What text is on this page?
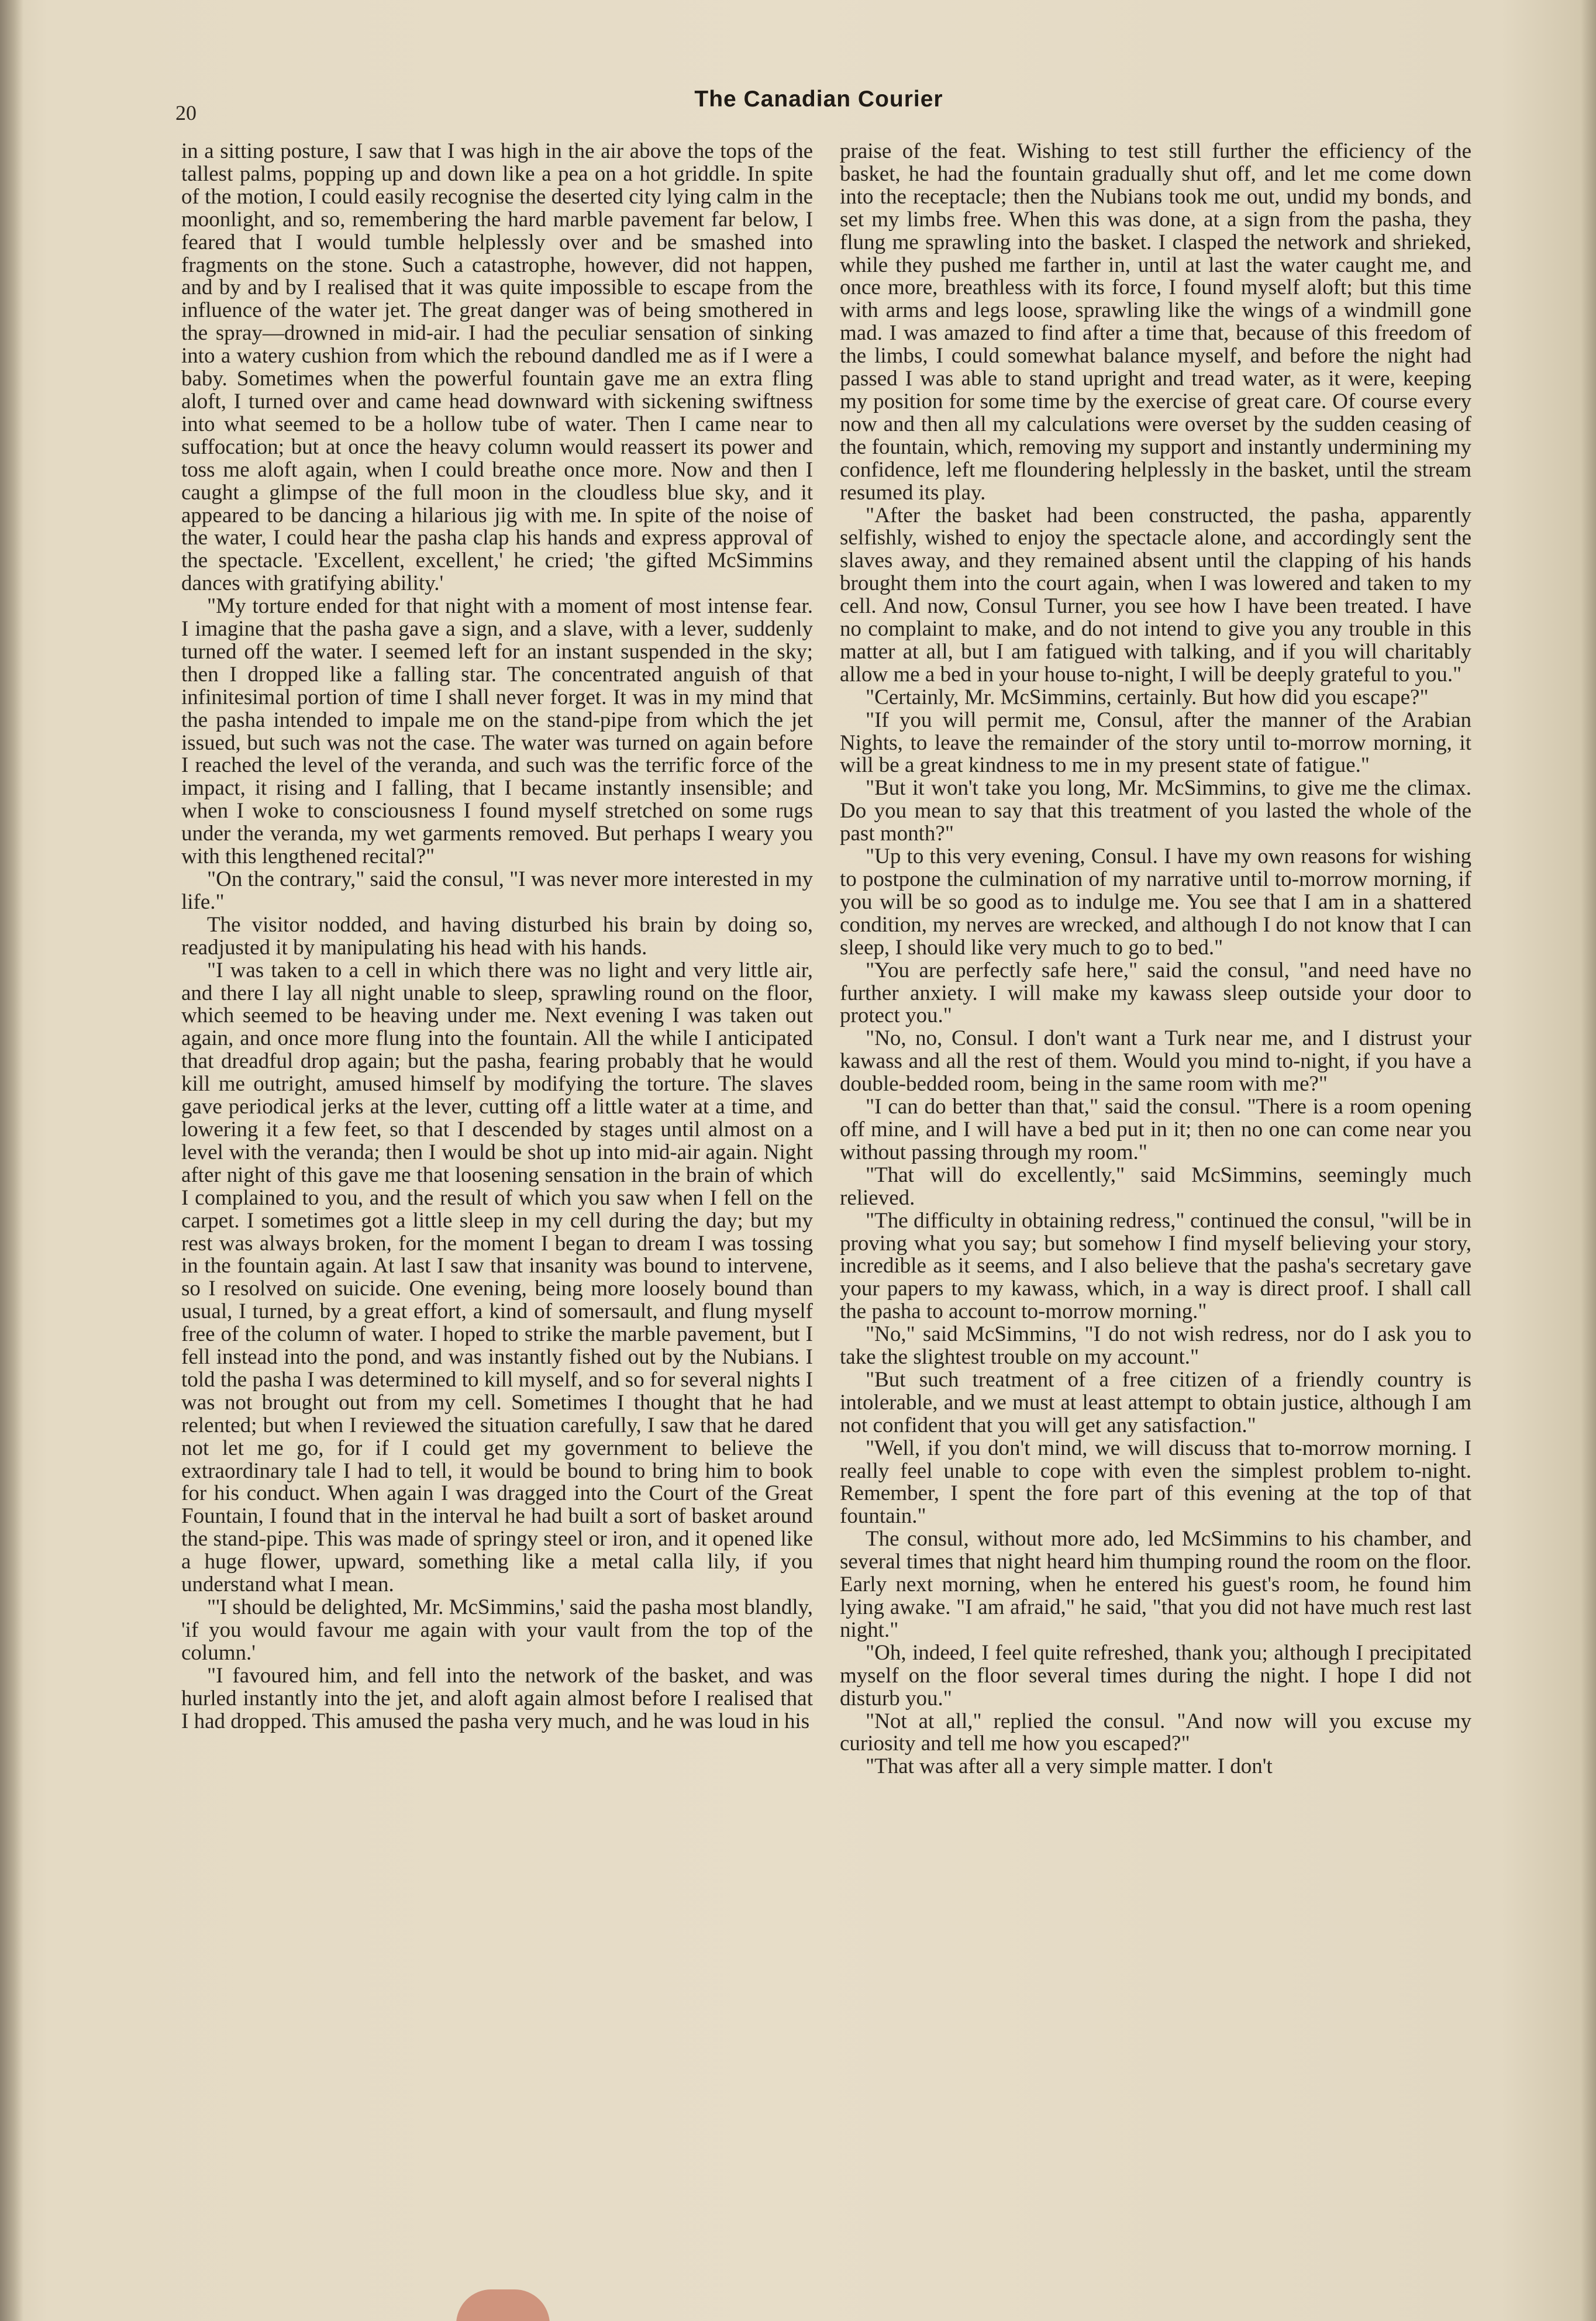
20
The Canadian Courier

in a sitting posture, I saw that I was high in the air above the tops of the tallest palms, popping up and down like a pea on a hot griddle. In spite of the motion, I could easily recognise the deserted city lying calm in the moonlight, and so, remembering the hard marble pavement far below, I feared that I would tumble helplessly over and be smashed into fragments on the stone. Such a catastrophe, however, did not happen, and by and by I realised that it was quite impossible to escape from the influence of the water jet. The great danger was of being smothered in the spray—drowned in mid-air. I had the peculiar sensation of sinking into a watery cushion from which the rebound dandled me as if I were a baby. Sometimes when the powerful fountain gave me an extra fling aloft, I turned over and came head downward with sickening swiftness into what seemed to be a hollow tube of water. Then I came near to suffocation; but at once the heavy column would reassert its power and toss me aloft again, when I could breathe once more. Now and then I caught a glimpse of the full moon in the cloudless blue sky, and it appeared to be dancing a hilarious jig with me. In spite of the noise of the water, I could hear the pasha clap his hands and express approval of the spectacle. 'Excellent, excellent,' he cried; 'the gifted McSimmins dances with gratifying ability.'

"My torture ended for that night with a moment of most intense fear. I imagine that the pasha gave a sign, and a slave, with a lever, suddenly turned off the water. I seemed left for an instant suspended in the sky; then I dropped like a falling star. The concentrated anguish of that infinitesimal portion of time I shall never forget. It was in my mind that the pasha intended to impale me on the stand-pipe from which the jet issued, but such was not the case. The water was turned on again before I reached the level of the veranda, and such was the terrific force of the impact, it rising and I falling, that I became instantly insensible; and when I woke to consciousness I found myself stretched on some rugs under the veranda, my wet garments removed. But perhaps I weary you with this lengthened recital?"

"On the contrary," said the consul, "I was never more interested in my life."

The visitor nodded, and having disturbed his brain by doing so, readjusted it by manipulating his head with his hands.

"I was taken to a cell in which there was no light and very little air, and there I lay all night unable to sleep, sprawling round on the floor, which seemed to be heaving under me. Next evening I was taken out again, and once more flung into the fountain. All the while I anticipated that dreadful drop again; but the pasha, fearing probably that he would kill me outright, amused himself by modifying the torture. The slaves gave periodical jerks at the lever, cutting off a little water at a time, and lowering it a few feet, so that I descended by stages until almost on a level with the veranda; then I would be shot up into mid-air again. Night after night of this gave me that loosening sensation in the brain of which I complained to you, and the result of which you saw when I fell on the carpet. I sometimes got a little sleep in my cell during the day; but my rest was always broken, for the moment I began to dream I was tossing in the fountain again. At last I saw that insanity was bound to intervene, so I resolved on suicide. One evening, being more loosely bound than usual, I turned, by a great effort, a kind of somersault, and flung myself free of the column of water. I hoped to strike the marble pavement, but I fell instead into the pond, and was instantly fished out by the Nubians. I told the pasha I was determined to kill myself, and so for several nights I was not brought out from my cell. Sometimes I thought that he had relented; but when I reviewed the situation carefully, I saw that he dared not let me go, for if I could get my government to believe the extraordinary tale I had to tell, it would be bound to bring him to book for his conduct. When again I was dragged into the Court of the Great Fountain, I found that in the interval he had built a sort of basket around the stand-pipe. This was made of springy steel or iron, and it opened like a huge flower, upward, something like a metal calla lily, if you understand what I mean.

"'I should be delighted, Mr. McSimmins,' said the pasha most blandly, 'if you would favour me again with your vault from the top of the column.'

"I favoured him, and fell into the network of the basket, and was hurled instantly into the jet, and aloft again almost before I realised that I had dropped. This amused the pasha very much, and he was loud in his

praise of the feat. Wishing to test still further the efficiency of the basket, he had the fountain gradually shut off, and let me come down into the receptacle; then the Nubians took me out, undid my bonds, and set my limbs free. When this was done, at a sign from the pasha, they flung me sprawling into the basket. I clasped the network and shrieked, while they pushed me farther in, until at last the water caught me, and once more, breathless with its force, I found myself aloft; but this time with arms and legs loose, sprawling like the wings of a windmill gone mad. I was amazed to find after a time that, because of this freedom of the limbs, I could somewhat balance myself, and before the night had passed I was able to stand upright and tread water, as it were, keeping my position for some time by the exercise of great care. Of course every now and then all my calculations were overset by the sudden ceasing of the fountain, which, removing my support and instantly undermining my confidence, left me floundering helplessly in the basket, until the stream resumed its play.

"After the basket had been constructed, the pasha, apparently selfishly, wished to enjoy the spectacle alone, and accordingly sent the slaves away, and they remained absent until the clapping of his hands brought them into the court again, when I was lowered and taken to my cell. And now, Consul Turner, you see how I have been treated. I have no complaint to make, and do not intend to give you any trouble in this matter at all, but I am fatigued with talking, and if you will charitably allow me a bed in your house to-night, I will be deeply grateful to you."

"Certainly, Mr. McSimmins, certainly. But how did you escape?"

"If you will permit me, Consul, after the manner of the Arabian Nights, to leave the remainder of the story until to-morrow morning, it will be a great kindness to me in my present state of fatigue."

"But it won't take you long, Mr. McSimmins, to give me the climax. Do you mean to say that this treatment of you lasted the whole of the past month?"

"Up to this very evening, Consul. I have my own reasons for wishing to postpone the culmination of my narrative until to-morrow morning, if you will be so good as to indulge me. You see that I am in a shattered condition, my nerves are wrecked, and although I do not know that I can sleep, I should like very much to go to bed."

"You are perfectly safe here," said the consul, "and need have no further anxiety. I will make my kawass sleep outside your door to protect you."

"No, no, Consul. I don't want a Turk near me, and I distrust your kawass and all the rest of them. Would you mind to-night, if you have a double-bedded room, being in the same room with me?"

"I can do better than that," said the consul. "There is a room opening off mine, and I will have a bed put in it; then no one can come near you without passing through my room."

"That will do excellently," said McSimmins, seemingly much relieved.

"The difficulty in obtaining redress," continued the consul, "will be in proving what you say; but somehow I find myself believing your story, incredible as it seems, and I also believe that the pasha's secretary gave your papers to my kawass, which, in a way is direct proof. I shall call the pasha to account to-morrow morning."

"No," said McSimmins, "I do not wish redress, nor do I ask you to take the slightest trouble on my account."

"But such treatment of a free citizen of a friendly country is intolerable, and we must at least attempt to obtain justice, although I am not confident that you will get any satisfaction."

"Well, if you don't mind, we will discuss that to-morrow morning. I really feel unable to cope with even the simplest problem to-night. Remember, I spent the fore part of this evening at the top of that fountain."

The consul, without more ado, led McSimmins to his chamber, and several times that night heard him thumping round the room on the floor. Early next morning, when he entered his guest's room, he found him lying awake. "I am afraid," he said, "that you did not have much rest last night."

"Oh, indeed, I feel quite refreshed, thank you; although I precipitated myself on the floor several times during the night. I hope I did not disturb you."

"Not at all," replied the consul. "And now will you excuse my curiosity and tell me how you escaped?"

"That was after all a very simple matter. I don't
